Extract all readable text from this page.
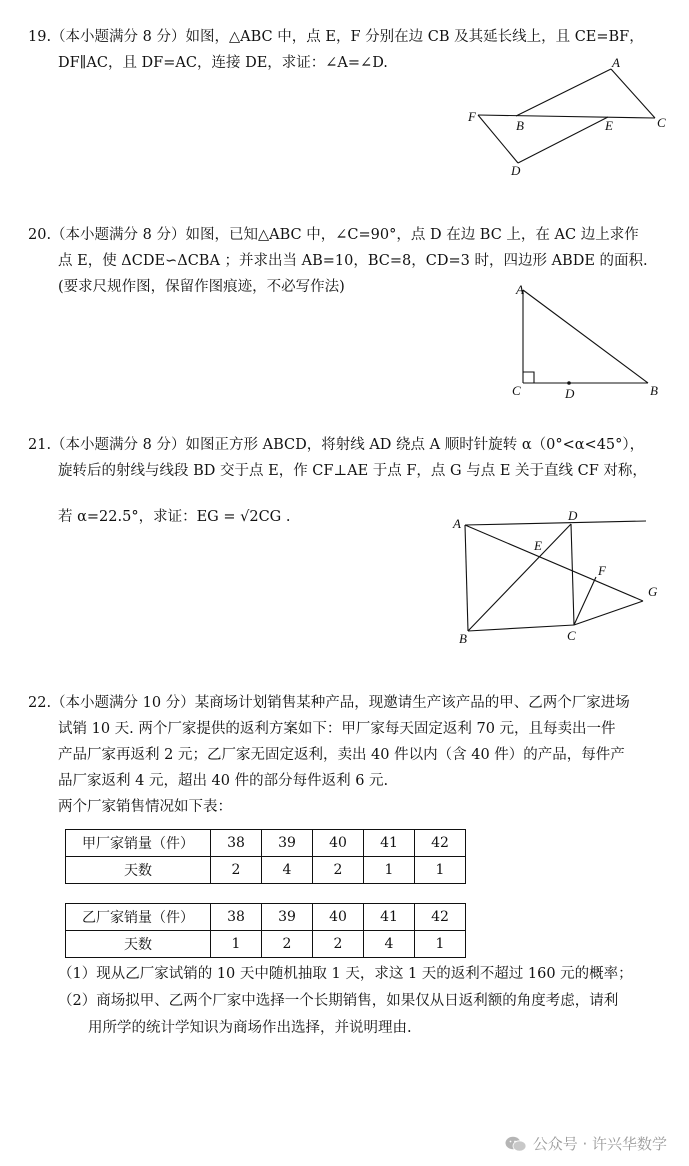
19.（本小题满分 8 分）如图，△ABC 中，点 E，F 分别在边 CB 及其延长线上，且 CE=BF，
DF∥AC，且 DF=AC，连接 DE，求证：∠A=∠D.	A
B	C
D
E
F
20.（本小题满分 8 分）如图，已知△ABC 中，∠C=90°，点 D 在边 BC 上，在 AC 边上求作
点 E，使 ΔCDE∽ΔCBA ；并求出当 AB=10，BC=8，CD=3 时，四边形 ABDE 的面积.
(要求尺规作图，保留作图痕迹，不必写作法)	A
B
C	D
21.（本小题满分 8 分）如图正方形 ABCD，将射线 AD 绕点 A 顺时针旋转 α（0°<α<45°），
旋转后的射线与线段 BD 交于点 E，作 CF⊥AE 于点 F，点 G 与点 E 关于直线 CF 对称，
若 α=22.5°，求证：EG = √2CG .	A
D
E
F
G
B	C
22.（本小题满分 10 分）某商场计划销售某种产品，现邀请生产该产品的甲、乙两个厂家进场
试销 10 天. 两个厂家提供的返利方案如下：甲厂家每天固定返利 70 元，且每卖出一件
产品厂家再返利 2 元；乙厂家无固定返利，卖出 40 件以内（含 40 件）的产品，每件产
品厂家返利 4 元，超出 40 件的部分每件返利 6 元.
两个厂家销售情况如下表：
甲厂家销量（件）	38	39	40	41	42
天数	2	4	2	1	1
乙厂家销量（件）	38	39	40	41	42
天数	1	2	2	4	1
（1）现从乙厂家试销的 10 天中随机抽取 1 天，求这 1 天的返利不超过 160 元的概率；
（2）商场拟甲、乙两个厂家中选择一个长期销售，如果仅从日返利额的角度考虑，请利
用所学的统计学知识为商场作出选择，并说明理由.
公众号 · 许兴华数学
